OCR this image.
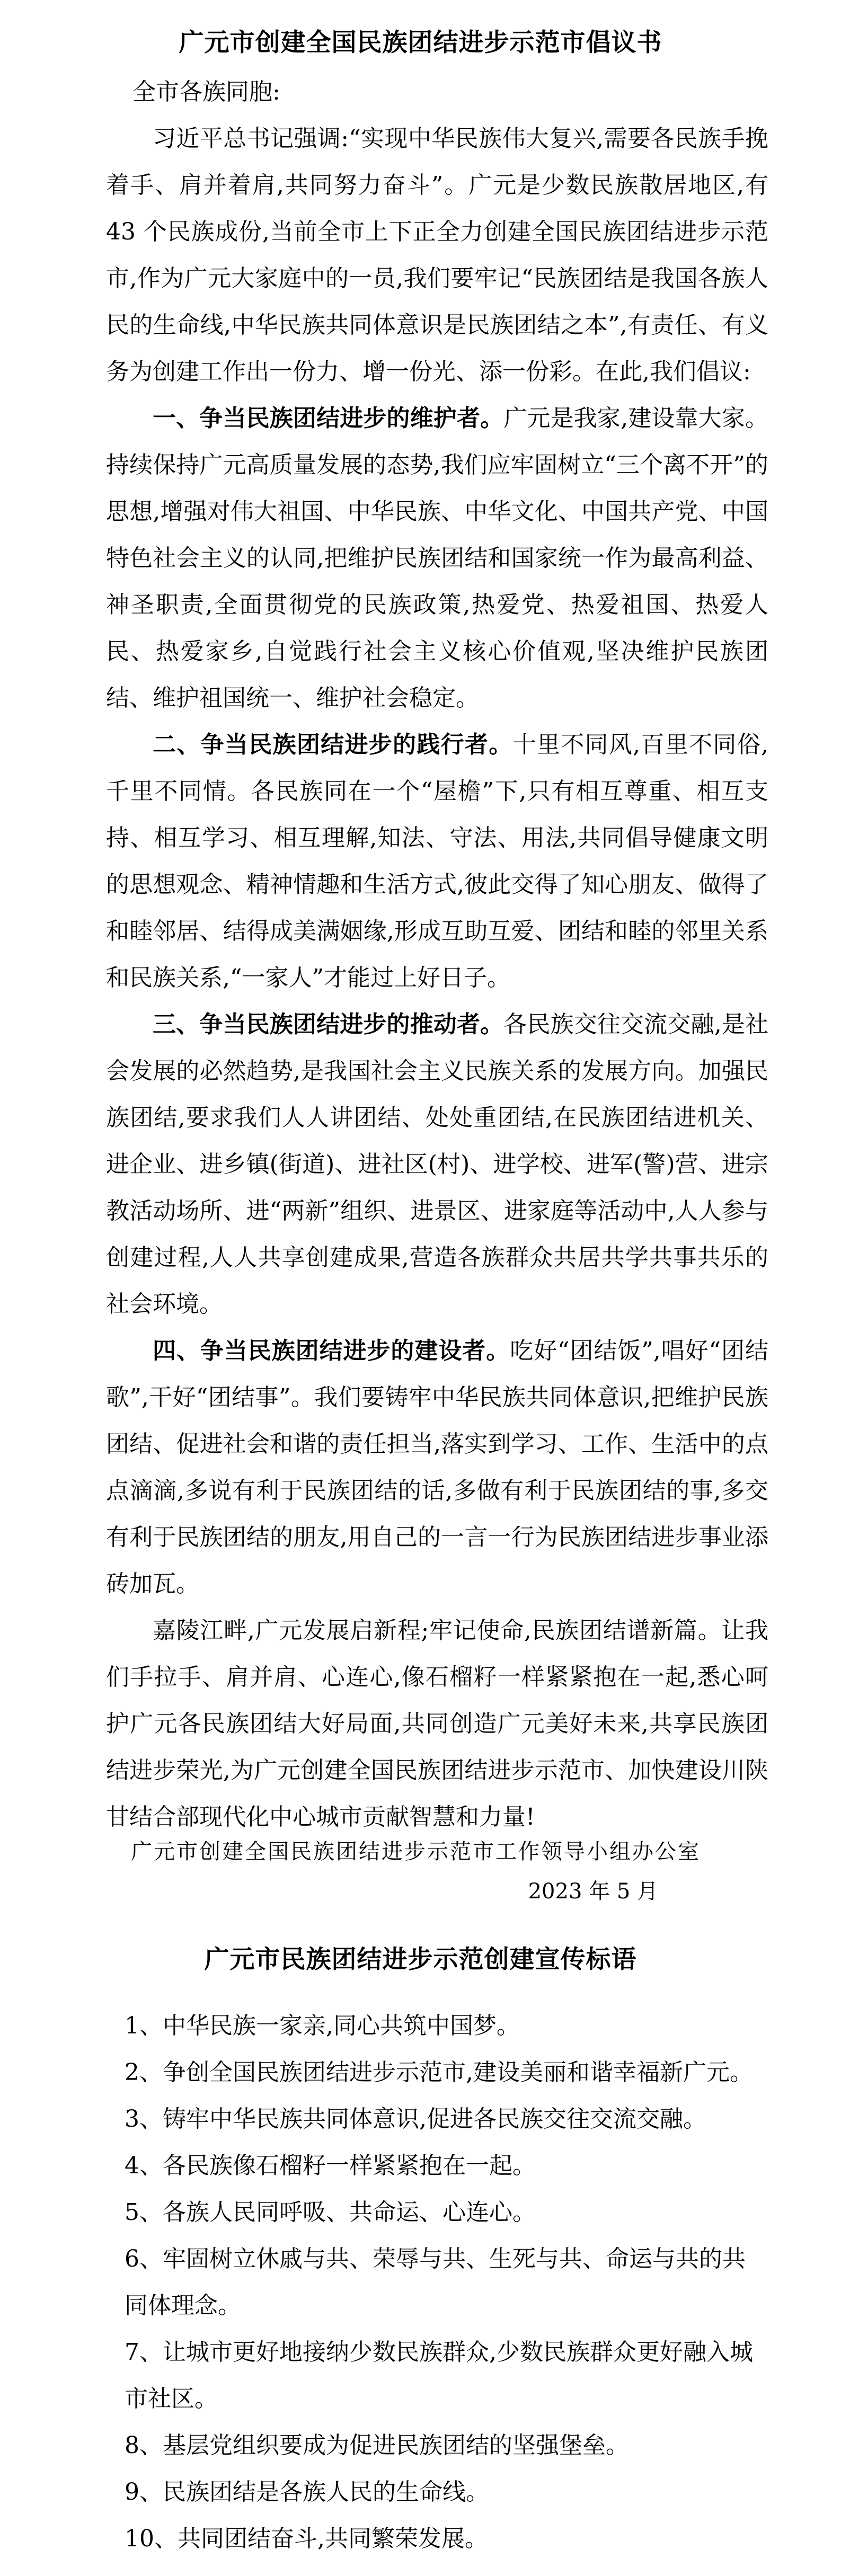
广元市创建全国民族团结进步示范市倡议书

全市各族同胞:

习近平总书记强调:“实现中华民族伟大复兴,需要各民族手挽着手、肩并着肩,共同努力奋斗”。广元是少数民族散居地区,有 43 个民族成份,当前全市上下正全力创建全国民族团结进步示范市,作为广元大家庭中的一员,我们要牢记“民族团结是我国各族人民的生命线,中华民族共同体意识是民族团结之本”,有责任、有义务为创建工作出一份力、增一份光、添一份彩。在此,我们倡议:

一、争当民族团结进步的维护者。广元是我家,建设靠大家。持续保持广元高质量发展的态势,我们应牢固树立“三个离不开”的思想,增强对伟大祖国、中华民族、中华文化、中国共产党、中国特色社会主义的认同,把维护民族团结和国家统一作为最高利益、神圣职责,全面贯彻党的民族政策,热爱党、热爱祖国、热爱人民、热爱家乡,自觉践行社会主义核心价值观,坚决维护民族团结、维护祖国统一、维护社会稳定。

二、争当民族团结进步的践行者。十里不同风,百里不同俗,千里不同情。各民族同在一个“屋檐”下,只有相互尊重、相互支持、相互学习、相互理解,知法、守法、用法,共同倡导健康文明的思想观念、精神情趣和生活方式,彼此交得了知心朋友、做得了和睦邻居、结得成美满姻缘,形成互助互爱、团结和睦的邻里关系和民族关系,“一家人”才能过上好日子。

三、争当民族团结进步的推动者。各民族交往交流交融,是社会发展的必然趋势,是我国社会主义民族关系的发展方向。加强民族团结,要求我们人人讲团结、处处重团结,在民族团结进机关、进企业、进乡镇(街道)、进社区(村)、进学校、进军(警)营、进宗教活动场所、进“两新”组织、进景区、进家庭等活动中,人人参与创建过程,人人共享创建成果,营造各族群众共居共学共事共乐的社会环境。

四、争当民族团结进步的建设者。吃好“团结饭”,唱好“团结歌”,干好“团结事”。我们要铸牢中华民族共同体意识,把维护民族团结、促进社会和谐的责任担当,落实到学习、工作、生活中的点点滴滴,多说有利于民族团结的话,多做有利于民族团结的事,多交有利于民族团结的朋友,用自己的一言一行为民族团结进步事业添砖加瓦。

嘉陵江畔,广元发展启新程;牢记使命,民族团结谱新篇。让我们手拉手、肩并肩、心连心,像石榴籽一样紧紧抱在一起,悉心呵护广元各民族团结大好局面,共同创造广元美好未来,共享民族团结进步荣光,为广元创建全国民族团结进步示范市、加快建设川陕甘结合部现代化中心城市贡献智慧和力量!

广元市创建全国民族团结进步示范市工作领导小组办公室
2023 年 5 月
广元市民族团结进步示范创建宣传标语

1、中华民族一家亲,同心共筑中国梦。

2、争创全国民族团结进步示范市,建设美丽和谐幸福新广元。

3、铸牢中华民族共同体意识,促进各民族交往交流交融。

4、各民族像石榴籽一样紧紧抱在一起。

5、各族人民同呼吸、共命运、心连心。

6、牢固树立休戚与共、荣辱与共、生死与共、命运与共的共同体理念。

7、让城市更好地接纳少数民族群众,少数民族群众更好融入城市社区。

8、基层党组织要成为促进民族团结的坚强堡垒。

9、民族团结是各族人民的生命线。

10、共同团结奋斗,共同繁荣发展。
